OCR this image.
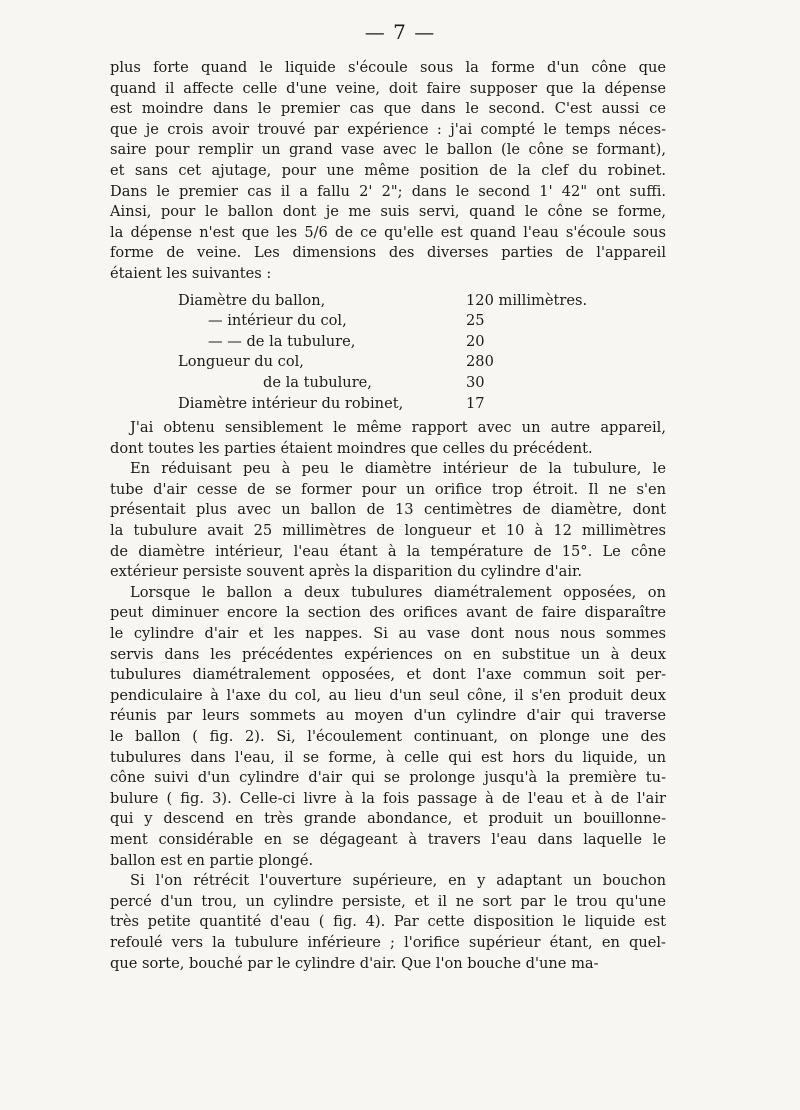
— 7 —

plus forte quand le liquide s'écoule sous la forme d'un cône que
quand il affecte celle d'une veine, doit faire supposer que la dépense
est moindre dans le premier cas que dans le second. C'est aussi ce
que je crois avoir trouvé par expérience : j'ai compté le temps néces-
saire pour remplir un grand vase avec le ballon (le cône se formant),
et sans cet ajutage, pour une même position de la clef du robinet.
Dans le premier cas il a fallu 2' 2"; dans le second 1' 42" ont suffi.
Ainsi, pour le ballon dont je me suis servi, quand le cône se forme,
la dépense n'est que les 5/6 de ce qu'elle est quand l'eau s'écoule sous
forme de veine. Les dimensions des diverses parties de l'appareil
étaient les suivantes :

Diamètre du ballon,	120 millimètres.
— intérieur du col,	25
— — de la tubulure,	20
Longueur du col,	280
de la tubulure,	30
Diamètre intérieur du robinet,	17

J'ai obtenu sensiblement le même rapport avec un autre appareil,
dont toutes les parties étaient moindres que celles du précédent.

En réduisant peu à peu le diamètre intérieur de la tubulure, le
tube d'air cesse de se former pour un orifice trop étroit. Il ne s'en
présentait plus avec un ballon de 13 centimètres de diamètre, dont
la tubulure avait 25 millimètres de longueur et 10 à 12 millimètres
de diamètre intérieur, l'eau étant à la température de 15°. Le cône
extérieur persiste souvent après la disparition du cylindre d'air.

Lorsque le ballon a deux tubulures diamétralement opposées, on
peut diminuer encore la section des orifices avant de faire disparaître
le cylindre d'air et les nappes. Si au vase dont nous nous sommes
servis dans les précédentes expériences on en substitue un à deux
tubulures diamétralement opposées, et dont l'axe commun soit per-
pendiculaire à l'axe du col, au lieu d'un seul cône, il s'en produit deux
réunis par leurs sommets au moyen d'un cylindre d'air qui traverse
le ballon ( fig. 2). Si, l'écoulement continuant, on plonge une des
tubulures dans l'eau, il se forme, à celle qui est hors du liquide, un
cône suivi d'un cylindre d'air qui se prolonge jusqu'à la première tu-
bulure ( fig. 3). Celle-ci livre à la fois passage à de l'eau et à de l'air
qui y descend en très grande abondance, et produit un bouillonne-
ment considérable en se dégageant à travers l'eau dans laquelle le
ballon est en partie plongé.

Si l'on rétrécit l'ouverture supérieure, en y adaptant un bouchon
percé d'un trou, un cylindre persiste, et il ne sort par le trou qu'une
très petite quantité d'eau ( fig. 4). Par cette disposition le liquide est
refoulé vers la tubulure inférieure ; l'orifice supérieur étant, en quel-
que sorte, bouché par le cylindre d'air. Que l'on bouche d'une ma-
